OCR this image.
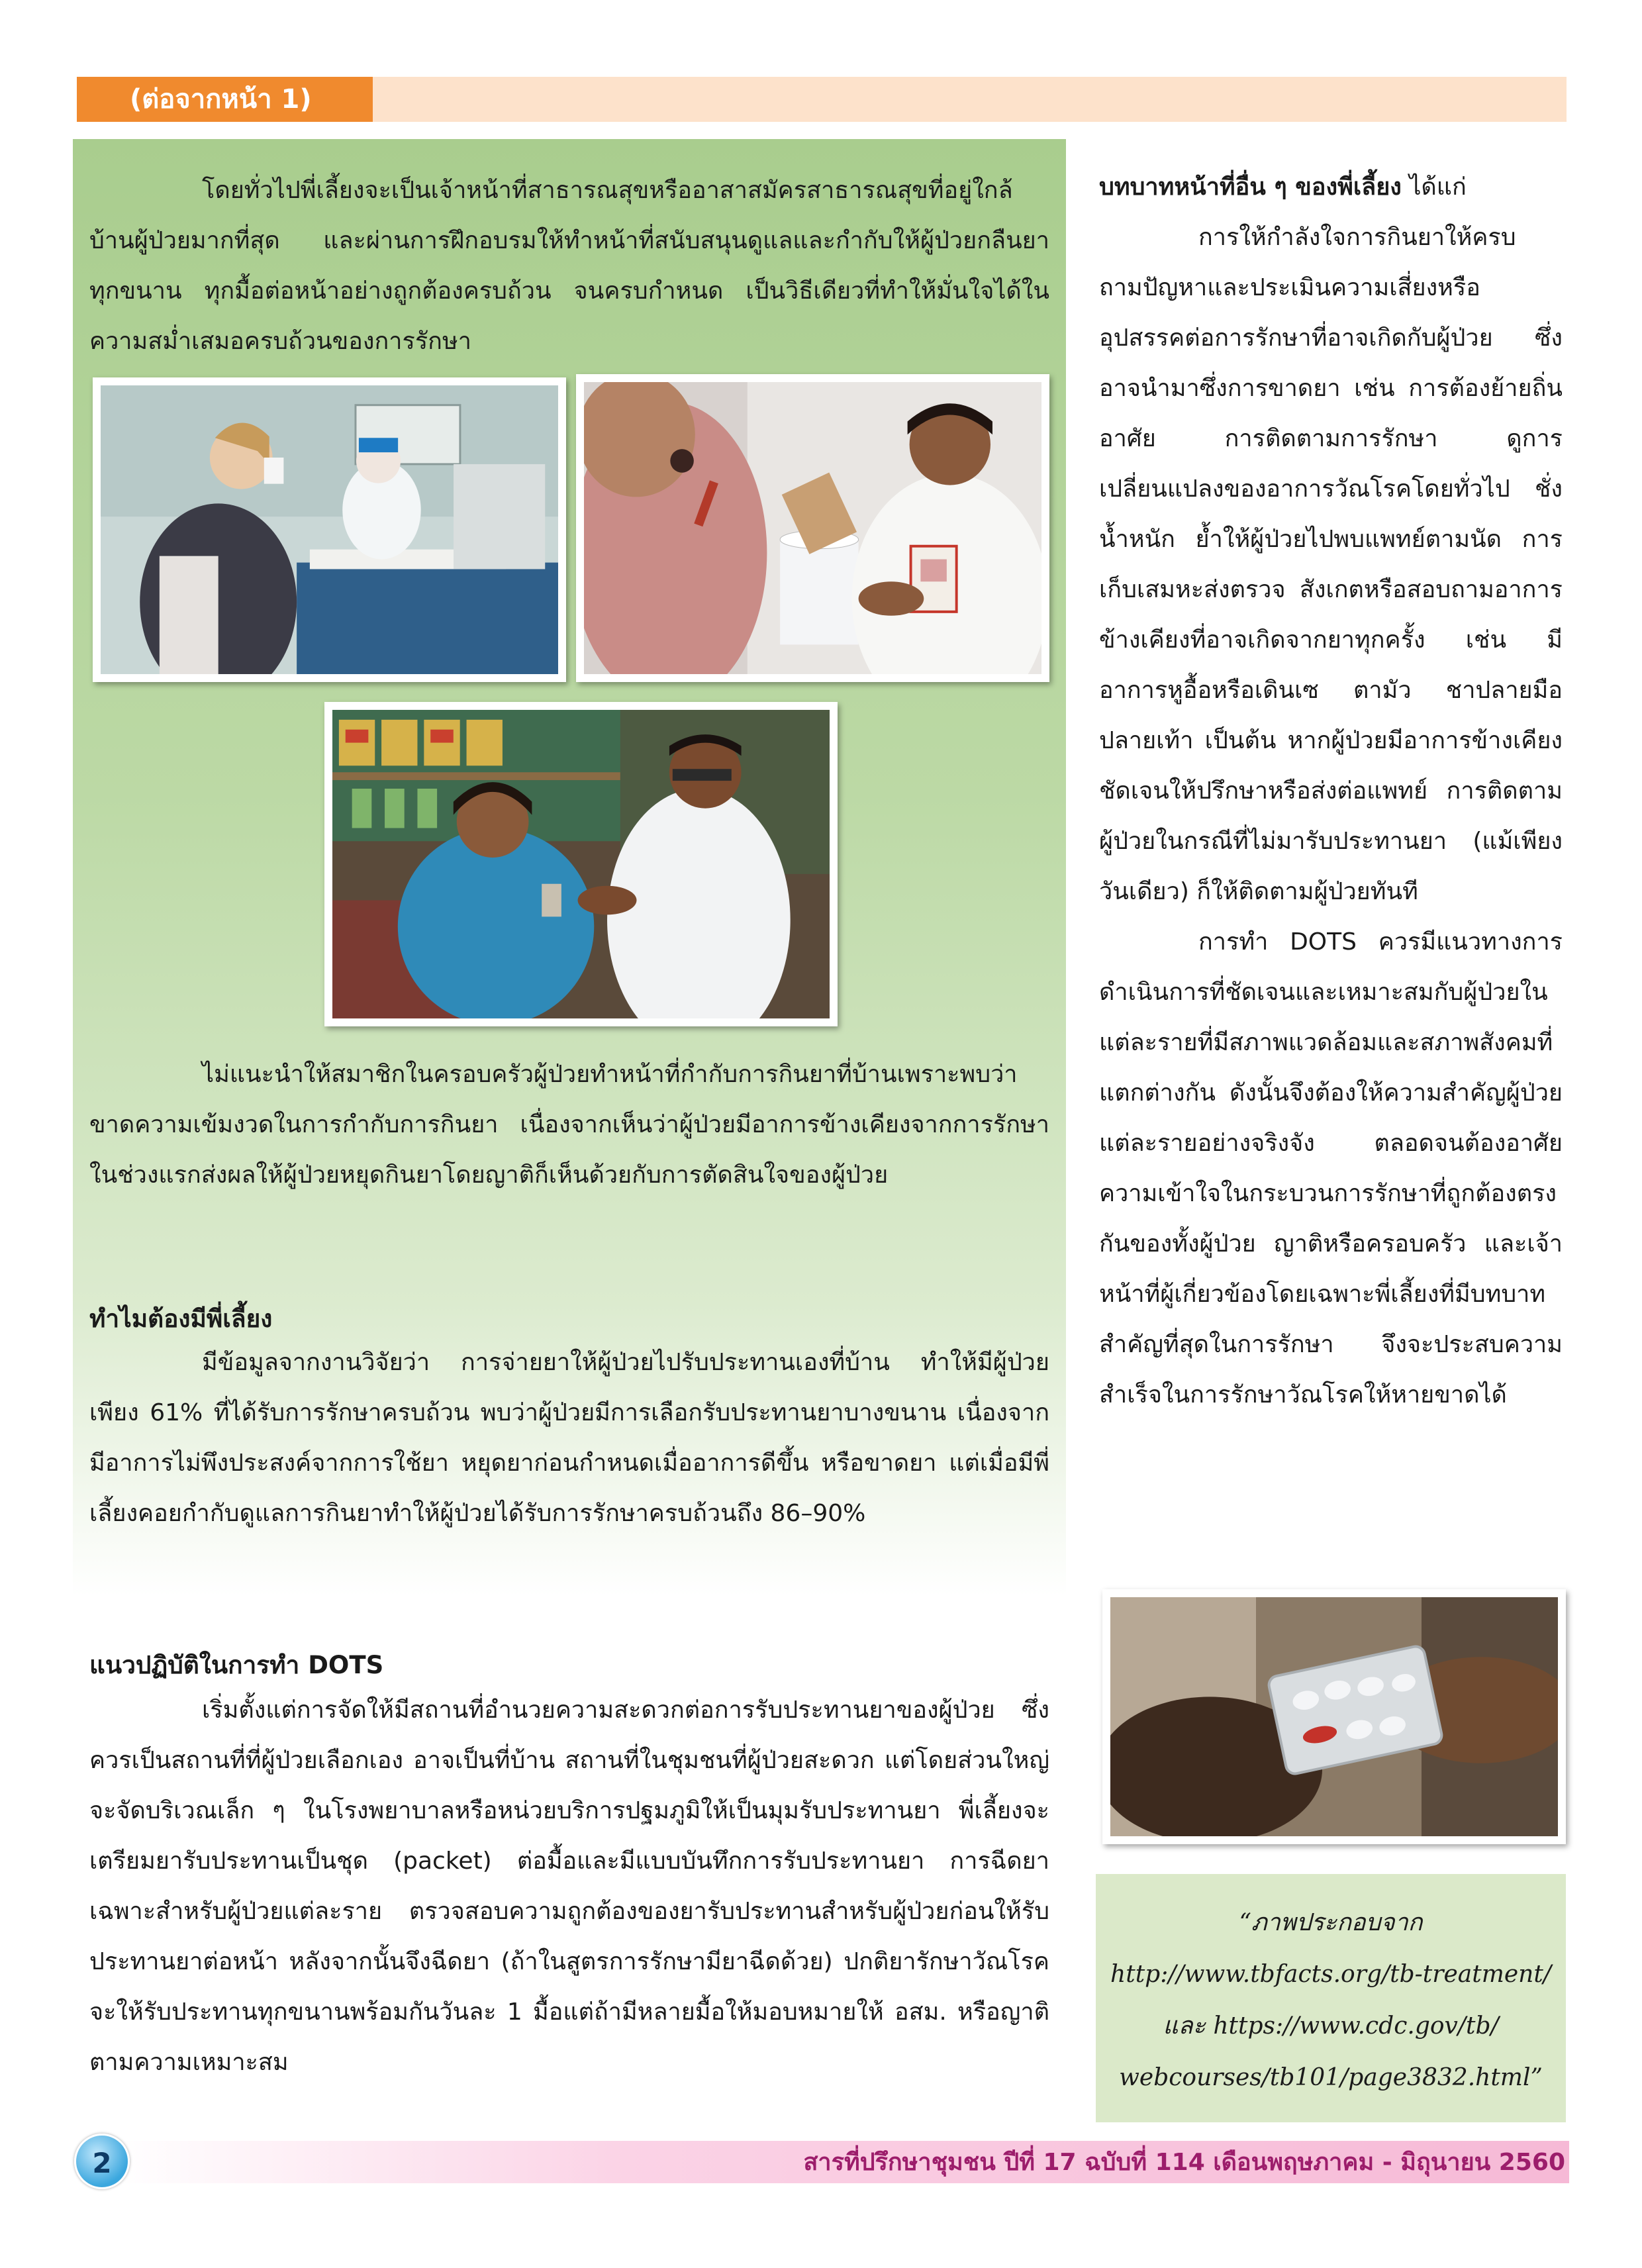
(ต่อจากหน้า 1)
โดยทั่วไปพี่เลี้ยงจะเป็นเจ้าหน้าที่สาธารณสุขหรืออาสาสมัครสาธารณสุขที่อยู่ใกล้บ้านผู้ป่วยมากที่สุด และผ่านการฝึกอบรมให้ทำหน้าที่สนับสนุนดูแลและกำกับให้ผู้ป่วยกลืนยาทุกขนาน ทุกมื้อต่อหน้าอย่างถูกต้องครบถ้วน จนครบกำหนด เป็นวิธีเดียวที่ทำให้มั่นใจได้ในความสม่ำเสมอครบถ้วนของการรักษา
ไม่แนะนำให้สมาชิกในครอบครัวผู้ป่วยทำหน้าที่กำกับการกินยาที่บ้านเพราะพบว่า ขาดความเข้มงวดในการกำกับการกินยา เนื่องจากเห็นว่าผู้ป่วยมีอาการข้างเคียงจากการรักษาในช่วงแรกส่งผลให้ผู้ป่วยหยุดกินยาโดยญาติก็เห็นด้วยกับการตัดสินใจของผู้ป่วย
ทำไมต้องมีพี่เลี้ยง
มีข้อมูลจากงานวิจัยว่า การจ่ายยาให้ผู้ป่วยไปรับประทานเองที่บ้าน ทำให้มีผู้ป่วยเพียง 61% ที่ได้รับการรักษาครบถ้วน พบว่าผู้ป่วยมีการเลือกรับประทานยาบางขนาน เนื่องจากมีอาการไม่พึงประสงค์จากการใช้ยา หยุดยาก่อนกำหนดเมื่ออาการดีขึ้น หรือขาดยา แต่เมื่อมีพี่เลี้ยงคอยกำกับดูแลการกินยาทำให้ผู้ป่วยได้รับการรักษาครบถ้วนถึง 86–90%
แนวปฏิบัติในการทำ DOTS
เริ่มตั้งแต่การจัดให้มีสถานที่อำนวยความสะดวกต่อการรับประทานยาของผู้ป่วย ซึ่งควรเป็นสถานที่ที่ผู้ป่วยเลือกเอง อาจเป็นที่บ้าน สถานที่ในชุมชนที่ผู้ป่วยสะดวก แต่โดยส่วนใหญ่จะจัดบริเวณเล็ก ๆ ในโรงพยาบาลหรือหน่วยบริการปฐมภูมิให้เป็นมุมรับประทานยา พี่เลี้ยงจะเตรียมยารับประทานเป็นชุด (packet) ต่อมื้อและมีแบบบันทึกการรับประทานยา การฉีดยาเฉพาะสำหรับผู้ป่วยแต่ละราย ตรวจสอบความถูกต้องของยารับประทานสำหรับผู้ป่วยก่อนให้รับประทานยาต่อหน้า หลังจากนั้นจึงฉีดยา (ถ้าในสูตรการรักษามียาฉีดด้วย) ปกติยารักษาวัณโรคจะให้รับประทานทุกขนานพร้อมกันวันละ 1 มื้อแต่ถ้ามีหลายมื้อให้มอบหมายให้ อสม. หรือญาติ ตามความเหมาะสม

บทบาทหน้าที่อื่น ๆ ของพี่เลี้ยง ได้แก่

การให้กำลังใจการกินยาให้ครบ ถามปัญหาและประเมินความเสี่ยงหรืออุปสรรคต่อการรักษาที่อาจเกิดกับผู้ป่วย ซึ่งอาจนำมาซึ่งการขาดยา เช่น การต้องย้ายถิ่นอาศัย การติดตามการรักษา ดูการเปลี่ยนแปลงของอาการวัณโรคโดยทั่วไป ชั่งน้ำหนัก ย้ำให้ผู้ป่วยไปพบแพทย์ตามนัด การเก็บเสมหะส่งตรวจ สังเกตหรือสอบถามอาการข้างเคียงที่อาจเกิดจากยาทุกครั้ง เช่น มีอาการหูอื้อหรือเดินเซ ตามัว ชาปลายมือปลายเท้า เป็นต้น หากผู้ป่วยมีอาการข้างเคียงชัดเจนให้ปรึกษาหรือส่งต่อแพทย์ การติดตามผู้ป่วยในกรณีที่ไม่มารับประทานยา (แม้เพียงวันเดียว) ก็ให้ติดตามผู้ป่วยทันที

การทำ DOTS ควรมีแนวทางการดำเนินการที่ชัดเจนและเหมาะสมกับผู้ป่วยในแต่ละรายที่มีสภาพแวดล้อมและสภาพสังคมที่แตกต่างกัน ดังนั้นจึงต้องให้ความสำคัญผู้ป่วยแต่ละรายอย่างจริงจัง ตลอดจนต้องอาศัย ความเข้าใจในกระบวนการรักษาที่ถูกต้องตรงกันของทั้งผู้ป่วย ญาติหรือครอบครัว และเจ้าหน้าที่ผู้เกี่ยวข้องโดยเฉพาะพี่เลี้ยงที่มีบทบาทสำคัญที่สุดในการรักษา จึงจะประสบความสำเร็จในการรักษาวัณโรคให้หายขาดได้

“ภาพประกอบจาก
http://www.tbfacts.org/tb-treatment/
และ https://www.cdc.gov/tb/
webcourses/tb101/page3832.html”
2	สารที่ปรึกษาชุมชน ปีที่ 17 ฉบับที่ 114 เดือนพฤษภาคม - มิถุนายน 2560
